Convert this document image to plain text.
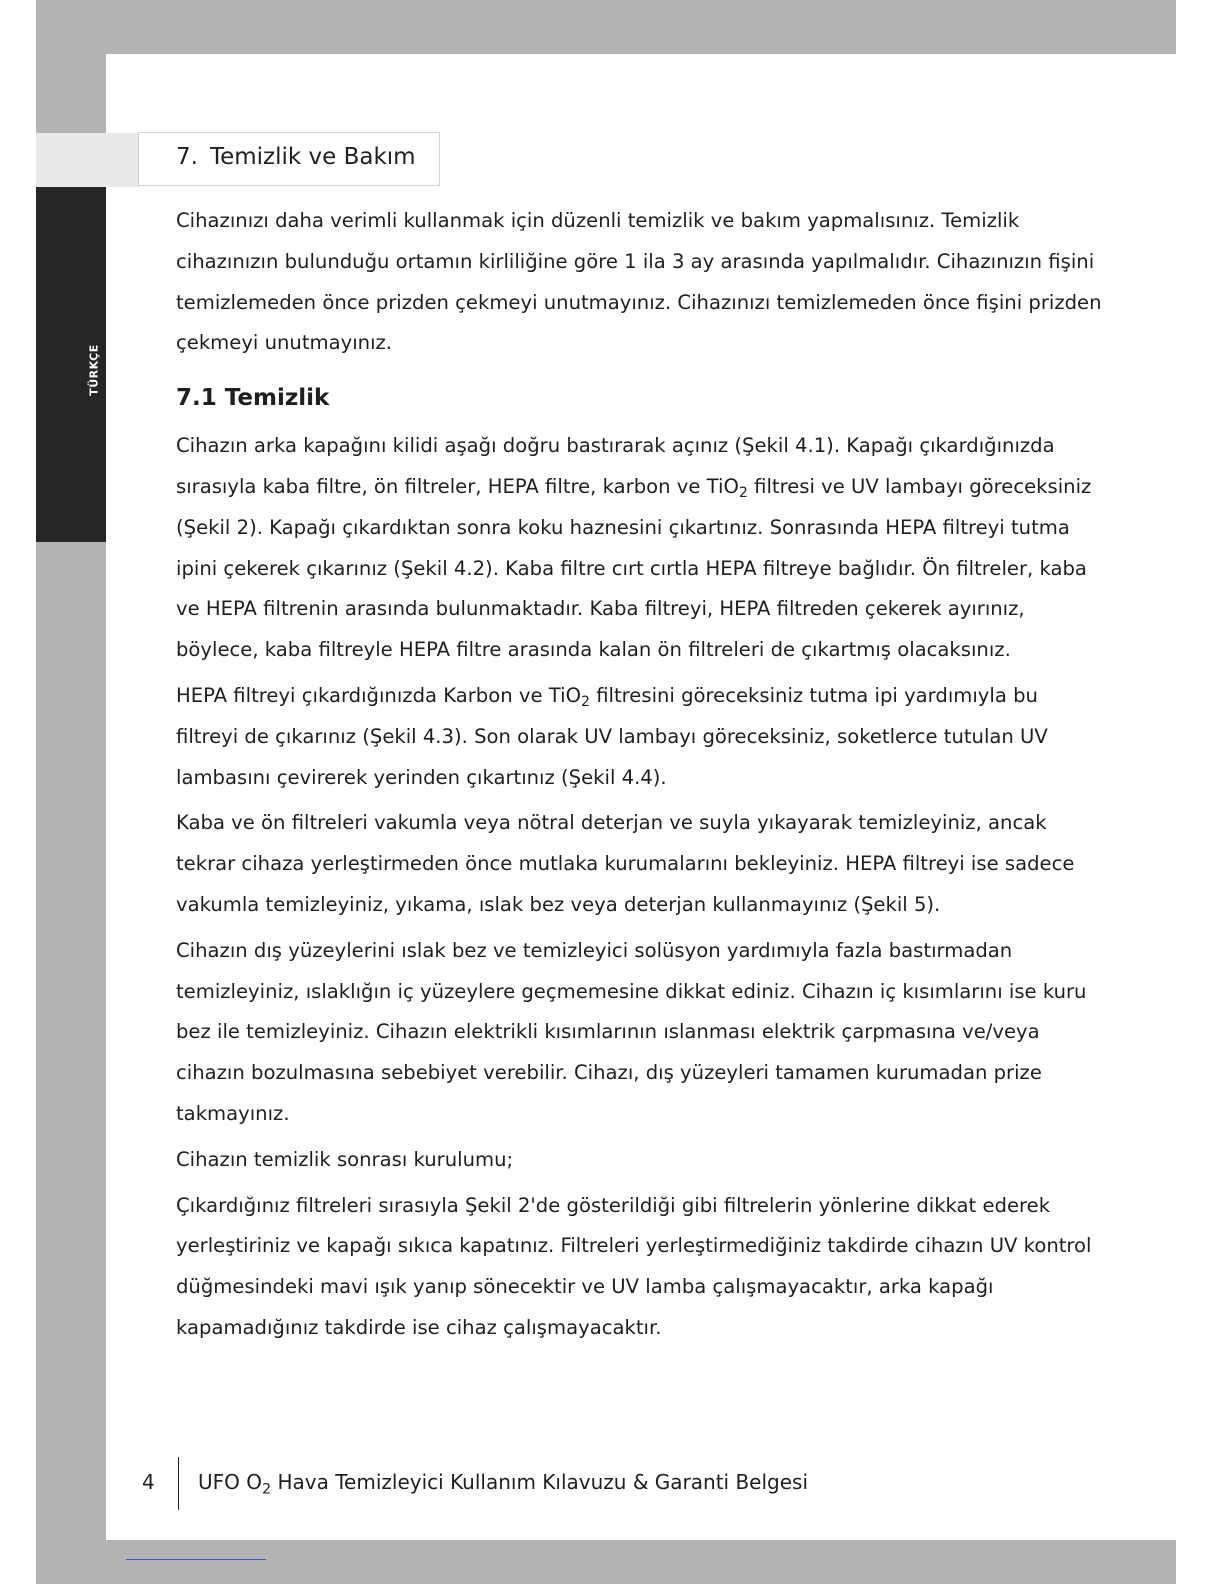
TÜRKÇE
7. Temizlik ve Bakım

Cihazınızı daha verimli kullanmak için düzenli temizlik ve bakım yapmalısınız. Temizlik cihazınızın bulunduğu ortamın kirliliğine göre 1 ila 3 ay arasında yapılmalıdır. Cihazınızın fişini temizlemeden önce prizden çekmeyi unutmayınız. Cihazınızı temizlemeden önce fişini prizden çekmeyi unutmayınız.

7.1 Temizlik

Cihazın arka kapağını kilidi aşağı doğru bastırarak açınız (Şekil 4.1). Kapağı çıkardığınızda sırasıyla kaba filtre, ön filtreler, HEPA filtre, karbon ve TiO$_2$ filtresi ve UV lambayı göreceksiniz (Şekil 2). Kapağı çıkardıktan sonra koku haznesini çıkartınız. Sonrasında HEPA filtreyi tutma ipini çekerek çıkarınız (Şekil 4.2). Kaba filtre cırt cırtla HEPA filtreye bağlıdır. Ön filtreler, kaba ve HEPA filtrenin arasında bulunmaktadır. Kaba filtreyi, HEPA filtreden çekerek ayırınız, böylece, kaba filtreyle HEPA filtre arasında kalan ön filtreleri de çıkartmış olacaksınız.

HEPA filtreyi çıkardığınızda Karbon ve TiO$_2$ filtresini göreceksiniz tutma ipi yardımıyla bu filtreyi de çıkarınız (Şekil 4.3). Son olarak UV lambayı göreceksiniz, soketlerce tutulan UV lambasını çevirerek yerinden çıkartınız (Şekil 4.4).

Kaba ve ön filtreleri vakumla veya nötral deterjan ve suyla yıkayarak temizleyiniz, ancak tekrar cihaza yerleştirmeden önce mutlaka kurumalarını bekleyiniz. HEPA filtreyi ise sadece vakumla temizleyiniz, yıkama, ıslak bez veya deterjan kullanmayınız (Şekil 5).

Cihazın dış yüzeylerini ıslak bez ve temizleyici solüsyon yardımıyla fazla bastırmadan temizleyiniz, ıslaklığın iç yüzeylere geçmemesine dikkat ediniz. Cihazın iç kısımlarını ise kuru bez ile temizleyiniz. Cihazın elektrikli kısımlarının ıslanması elektrik çarpmasına ve/veya cihazın bozulmasına sebebiyet verebilir. Cihazı, dış yüzeyleri tamamen kurumadan prize takmayınız.

Cihazın temizlik sonrası kurulumu;

Çıkardığınız filtreleri sırasıyla Şekil 2'de gösterildiği gibi filtrelerin yönlerine dikkat ederek yerleştiriniz ve kapağı sıkıca kapatınız. Filtreleri yerleştirmediğiniz takdirde cihazın UV kontrol düğmesindeki mavi ışık yanıp sönecektir ve UV lamba çalışmayacaktır, arka kapağı kapamadığınız takdirde ise cihaz çalışmayacaktır.

4 UFO $O_2$ Hava Temizleyici Kullanım Kılavuzu & Garanti Belgesi
